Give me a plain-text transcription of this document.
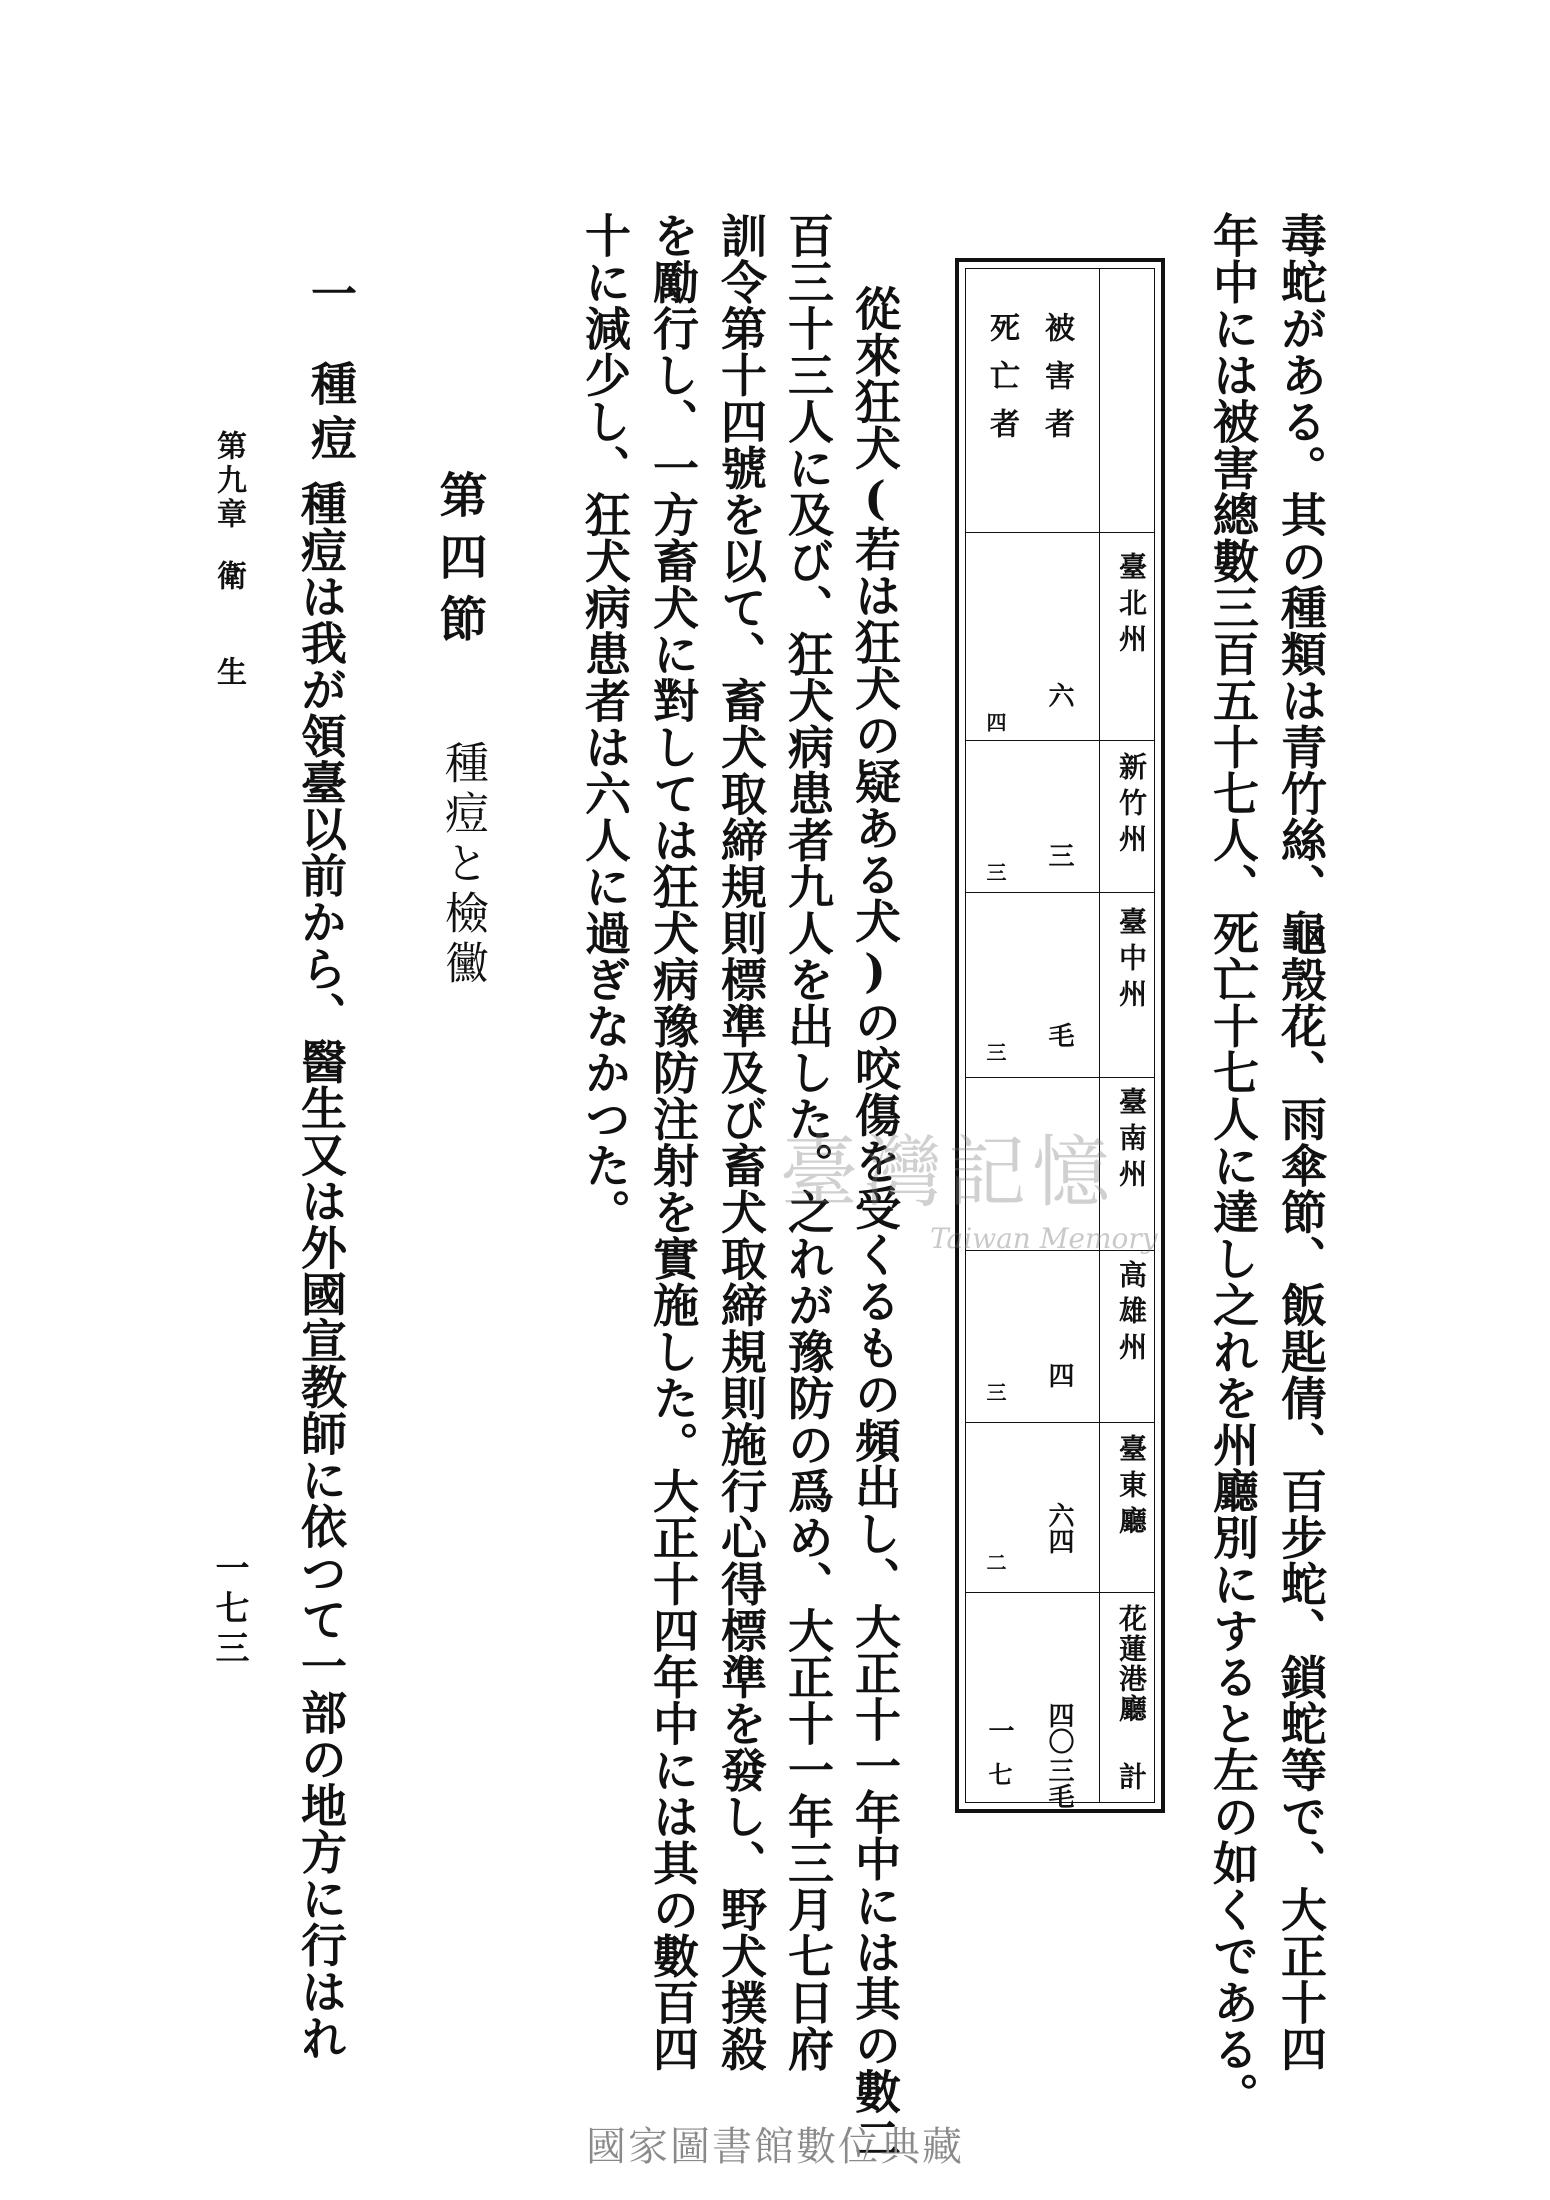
毒蛇がある。其の種類は青竹絲、龜殼花、雨傘節、飯匙倩、百步蛇、鎖蛇等で、大正十四
年中には被害總數三百五十七人、死亡十七人に達し之れを州廳別にすると左の如くである。
被害者
死亡者
臺北州
新竹州
臺中州
臺南州
高雄州
臺東廳
花蓮港廳
計
六
三
毛
四
六四
四〇
三毛
四
三
三
三
二
一
七
從來狂犬(若は狂犬の疑ある犬)の咬傷を受くるもの頻出し、大正十一年中には其の數二
百三十三人に及び、狂犬病患者九人を出した。之れが豫防の爲め、大正十一年三月七日府
訓令第十四號を以て、畜犬取締規則標準及び畜犬取締規則施行心得標準を發し、野犬撲殺
を勵行し、一方畜犬に對しては狂犬病豫防注射を實施した。大正十四年中には其の數百四
十に減少し、狂犬病患者は六人に過ぎなかつた。
第四節
種痘と檢黴
一
種痘
種痘は我が領臺以前から、醫生又は外國宣教師に依つて一部の地方に行はれ
第九章
衛　生
一七三
臺灣記憶
Taiwan Memory
國家圖書館數位典藏
